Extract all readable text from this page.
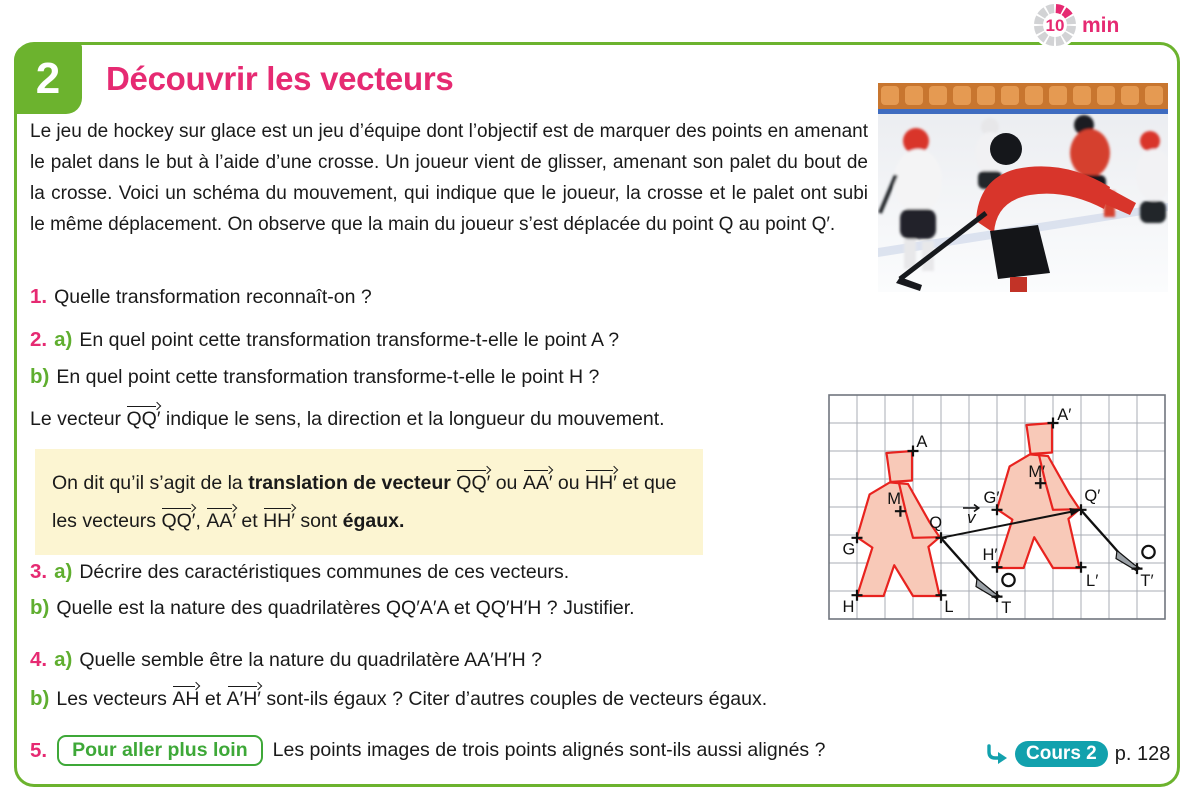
2	Découvrir les vecteurs
10 min
Le jeu de hockey sur glace est un jeu d’équipe dont l’objectif est de marquer des points en amenant le palet dans le but à l’aide d’une crosse. Un joueur vient de glisser, amenant son palet du bout de la crosse. Voici un schéma du mouvement, qui indique que le joueur, la crosse et le palet ont subi le même déplacement. On observe que la main du joueur s’est déplacée du point Q au point Q′.
1. Quelle transformation reconnaît-on ?
2. a) En quel point cette transformation transforme-t-elle le point A ?
b) En quel point cette transformation transforme-t-elle le point H ?
Le vecteur QQ′ indique le sens, la direction et la longueur du mouvement.
On dit qu’il s’agit de la translation de vecteur QQ′ ou AA′ ou HH′ et que les vecteurs QQ′, AA′ et HH′ sont égaux.
3. a) Décrire des caractéristiques communes de ces vecteurs.
b) Quelle est la nature des quadrilatères QQ′A′A et QQ′H′H ? Justifier.
4. a) Quelle semble être la nature du quadrilatère AA′H′H ?
b) Les vecteurs AH et A′H′ sont-ils égaux ? Citer d’autres couples de vecteurs égaux.
5.	Pour aller plus loin	Les points images de trois points alignés sont-ils aussi alignés ?	Cours 2 p. 128
v
A
A′
M
M′
G
G′
Q
Q′
H
H′
L
L′
T
T′
